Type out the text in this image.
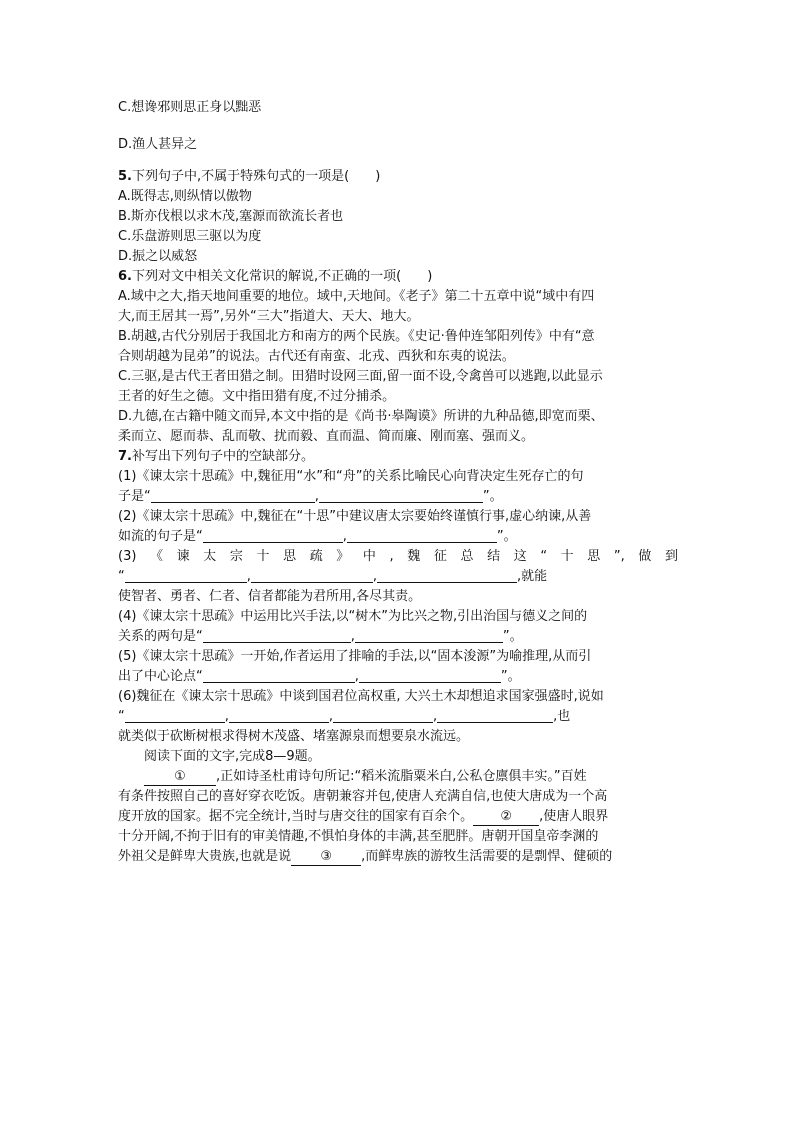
C.想谗邪则思正身以黜恶
D.渔人甚异之
5.下列句子中,不属于特殊句式的一项是(　　)
A.既得志,则纵情以傲物
B.斯亦伐根以求木茂,塞源而欲流长者也
C.乐盘游则思三驱以为度
D.振之以威怒
6.下列对文中相关文化常识的解说,不正确的一项(　　)
A.域中之大,指天地间重要的地位。域中,天地间。《老子》第二十五章中说“域中有四
大,而王居其一焉”,另外“三大”指道大、天大、地大。
B.胡越,古代分别居于我国北方和南方的两个民族。《史记·鲁仲连邹阳列传》中有“意
合则胡越为昆弟”的说法。古代还有南蛮、北戎、西狄和东夷的说法。
C.三驱,是古代王者田猎之制。田猎时设网三面,留一面不设,令禽兽可以逃跑,以此显示
王者的好生之德。文中指田猎有度,不过分捕杀。
D.九德,在古籍中随文而异,本文中指的是《尚书·皋陶谟》所讲的九种品德,即宽而栗、
柔而立、愿而恭、乱而敬、扰而毅、直而温、简而廉、刚而塞、强而义。
7.补写出下列句子中的空缺部分。
(1)《谏太宗十思疏》中,魏征用“水”和“舟”的关系比喻民心向背决定生死存亡的句
子是“	,	”。
(2)《谏太宗十思疏》中,魏征在“十思”中建议唐太宗要始终谨慎行事,虚心纳谏,从善
如流的句子是“	,	”。
(3)《谏太宗十思疏》中,魏征总结这“十思”,做到
“	,	,	,就能
使智者、勇者、仁者、信者都能为君所用,各尽其责。
(4)《谏太宗十思疏》中运用比兴手法,以“树木”为比兴之物,引出治国与德义之间的
关系的两句是“	,	”。
(5)《谏太宗十思疏》一开始,作者运用了排喻的手法,以“固本浚源”为喻推理,从而引
出了中心论点“	,	”。
(6)魏征在《谏太宗十思疏》中谈到国君位高权重, 大兴土木却想追求国家强盛时,说如
“	,	,	,	,也
就类似于砍断树根求得树木茂盛、堵塞源泉而想要泉水流远。
阅读下面的文字,完成8—9题。
① ,正如诗圣杜甫诗句所记:“稻米流脂粟米白,公私仓廪俱丰实。”百姓
有条件按照自己的喜好穿衣吃饭。唐朝兼容并包,使唐人充满自信,也使大唐成为一个高
度开放的国家。据不完全统计,当时与唐交往的国家有百余个。 ② ,使唐人眼界
十分开阔,不拘于旧有的审美情趣,不惧怕身体的丰满,甚至肥胖。唐朝开国皇帝李渊的
外祖父是鲜卑大贵族,也就是说 ③ ,而鲜卑族的游牧生活需要的是剽悍、健硕的
